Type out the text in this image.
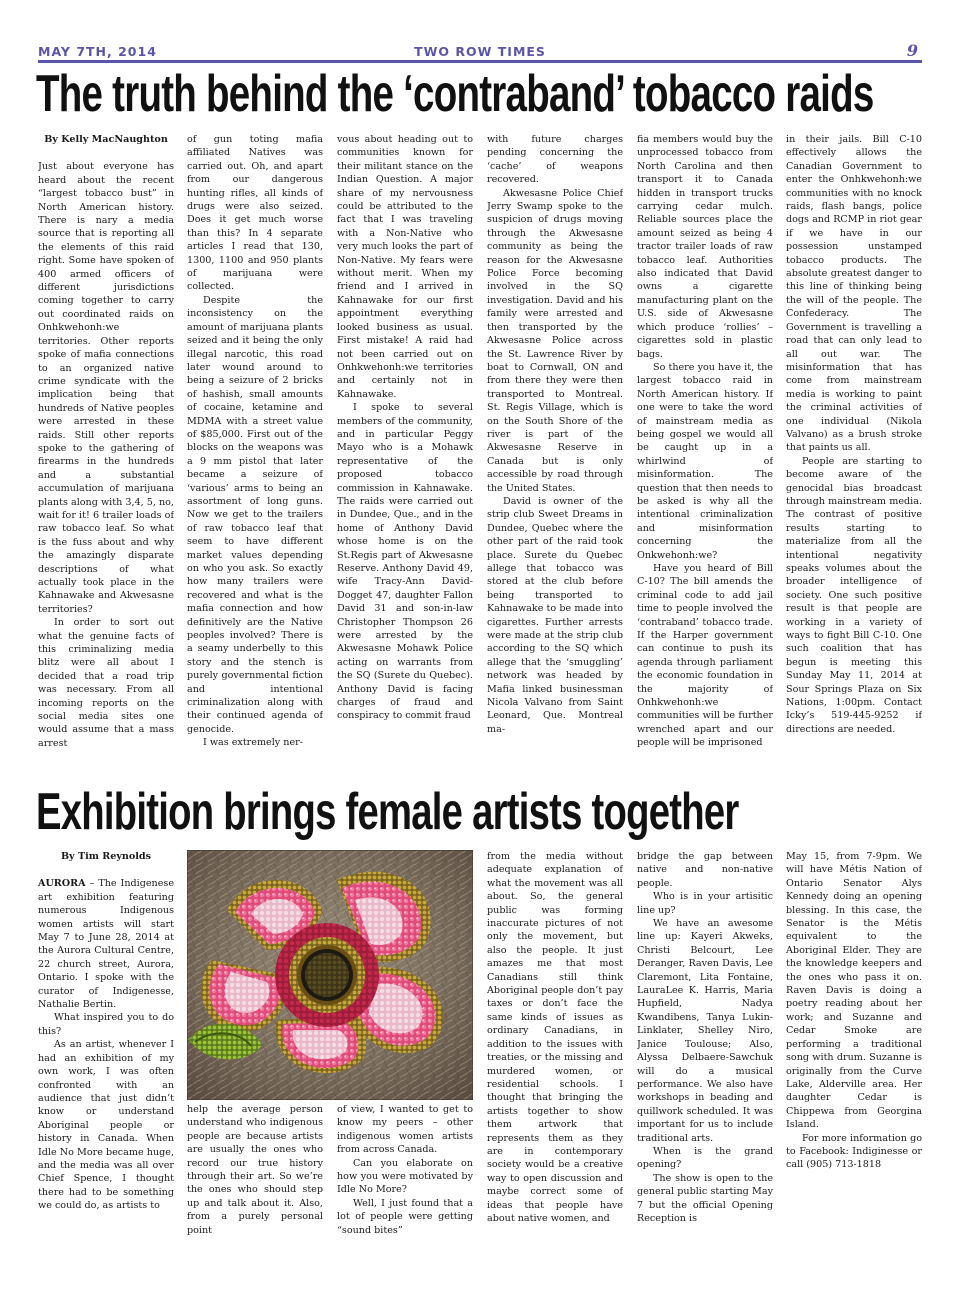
MAY 7TH, 2014	TWO ROW TIMES	9
The truth behind the ‘contraband’ tobacco raids

By Kelly MacNaughton

Just about everyone has heard about the recent “largest tobacco bust” in North American history. There is nary a media source that is reporting all the elements of this raid right. Some have spoken of 400 armed officers of different jurisdictions coming together to carry out coordinated raids on Onhkwehonh:we territories. Other reports spoke of mafia connections to an organized native crime syndicate with the implication being that hundreds of Native peoples were arrested in these raids. Still other reports spoke to the gathering of firearms in the hundreds and a substantial accumulation of marijuana plants along with 3,4, 5, no, wait for it! 6 trailer loads of raw tobacco leaf. So what is the fuss about and why the amazingly disparate descriptions of what actually took place in the Kahnawake and Akwesasne territories?

In order to sort out what the genuine facts of this criminalizing media blitz were all about I decided that a road trip was necessary. From all incoming reports on the social media sites one would assume that a mass arrest

of gun toting mafia affiliated Natives was carried out. Oh, and apart from our dangerous hunting rifles, all kinds of drugs were also seized. Does it get much worse than this? In 4 separate articles I read that 130, 1300, 1100 and 950 plants of marijuana were collected.

Despite the inconsistency on the amount of marijuana plants seized and it being the only illegal narcotic, this road later wound around to being a seizure of 2 bricks of hashish, small amounts of cocaine, ketamine and MDMA with a street value of $85,000. First out of the blocks on the weapons was a 9 mm pistol that later became a seizure of ‘various’ arms to being an assortment of long guns. Now we get to the trailers of raw tobacco leaf that seem to have different market values depending on who you ask. So exactly how many trailers were recovered and what is the mafia connection and how definitively are the Native peoples involved? There is a seamy underbelly to this story and the stench is purely governmental fiction and intentional criminalization along with their continued agenda of genocide.

I was extremely ner-

vous about heading out to communities known for their militant stance on the Indian Question. A major share of my nervousness could be attributed to the fact that I was traveling with a Non-Native who very much looks the part of Non-Native. My fears were without merit. When my friend and I arrived in Kahnawake for our first appointment everything looked business as usual. First mistake! A raid had not been carried out on Onhkwehonh:we territories and certainly not in Kahnawake.

I spoke to several members of the community, and in particular Peggy Mayo who is a Mohawk representative of the proposed tobacco commission in Kahnawake. The raids were carried out in Dundee, Que., and in the home of Anthony David whose home is on the St.Regis part of Akwesasne Reserve. Anthony David 49, wife Tracy-Ann David-Dogget 47, daughter Fallon David 31 and son-in-law Christopher Thompson 26 were arrested by the Akwesasne Mohawk Police acting on warrants from the SQ (Surete du Quebec). Anthony David is facing charges of fraud and conspiracy to commit fraud

with future charges pending concerning the ‘cache’ of weapons recovered.

Akwesasne Police Chief Jerry Swamp spoke to the suspicion of drugs moving through the Akwesasne community as being the reason for the Akwesasne Police Force becoming involved in the SQ investigation. David and his family were arrested and then transported by the Akwesasne Police across the St. Lawrence River by boat to Cornwall, ON and from there they were then transported to Montreal. St. Regis Village, which is on the South Shore of the river is part of the Akwesasne Reserve in Canada but is only accessible by road through the United States.

David is owner of the strip club Sweet Dreams in Dundee, Quebec where the other part of the raid took place. Surete du Quebec allege that tobacco was stored at the club before being transported to Kahnawake to be made into cigarettes. Further arrests were made at the strip club according to the SQ which allege that the ‘smuggling’ network was headed by Mafia linked businessman Nicola Valvano from Saint Leonard, Que. Montreal ma-

fia members would buy the unprocessed tobacco from North Carolina and then transport it to Canada hidden in transport trucks carrying cedar mulch. Reliable sources place the amount seized as being 4 tractor trailer loads of raw tobacco leaf. Authorities also indicated that David owns a cigarette manufacturing plant on the U.S. side of Akwesasne which produce ‘rollies’ – cigarettes sold in plastic bags.

So there you have it, the largest tobacco raid in North American history. If one were to take the word of mainstream media as being gospel we would all be caught up in a whirlwind of misinformation. The question that then needs to be asked is why all the intentional criminalization and misinformation concerning the Onkwehonh:we?

Have you heard of Bill C-10? The bill amends the criminal code to add jail time to people involved the ‘contraband’ tobacco trade. If the Harper government can continue to push its agenda through parliament the economic foundation in the majority of Onhkwehonh:we communities will be further wrenched apart and our people will be imprisoned

in their jails. Bill C-10 effectively allows the Canadian Government to enter the Onhkwehonh:we communities with no knock raids, flash bangs, police dogs and RCMP in riot gear if we have in our possession unstamped tobacco products. The absolute greatest danger to this line of thinking being the will of the people. The Confederacy. The Government is travelling a road that can only lead to all out war. The misinformation that has come from mainstream media is working to paint the criminal activities of one individual (Nikola Valvano) as a brush stroke that paints us all.

People are starting to become aware of the genocidal bias broadcast through mainstream media. The contrast of positive results starting to materialize from all the intentional negativity speaks volumes about the broader intelligence of society. One such positive result is that people are working in a variety of ways to fight Bill C-10. One such coalition that has begun is meeting this Sunday May 11, 2014 at Sour Springs Plaza on Six Nations, 1:00pm. Contact Icky’s 519-445-9252 if directions are needed.

Exhibition brings female artists together

By Tim Reynolds

AURORA – The Indigenese art exhibition featuring numerous Indigenous women artists will start May 7 to June 28, 2014 at the Aurora Cultural Centre, 22 church street, Aurora, Ontario. I spoke with the curator of Indigenesse, Nathalie Bertin.

What inspired you to do this?

As an artist, whenever I had an exhibition of my own work, I was often confronted with an audience that just didn’t know or understand Aboriginal people or history in Canada. When Idle No More became huge, and the media was all over Chief Spence, I thought there had to be something we could do, as artists to

help the average person understand who indigenous people are because artists are usually the ones who record our true history through their art. So we’re the ones who should step up and talk about it. Also, from a purely personal point

of view, I wanted to get to know my peers – other indigenous women artists from across Canada.

Can you elaborate on how you were motivated by Idle No More?

Well, I just found that a lot of people were getting “sound bites”

from the media without adequate explanation of what the movement was all about. So, the general public was forming inaccurate pictures of not only the movement, but also the people. It just amazes me that most Canadians still think Aboriginal people don’t pay taxes or don’t face the same kinds of issues as ordinary Canadians, in addition to the issues with treaties, or the missing and murdered women, or residential schools. I thought that bringing the artists together to show them artwork that represents them as they are in contemporary society would be a creative way to open discussion and maybe correct some of ideas that people have about native women, and

bridge the gap between native and non-native people.

Who is in your artisitic line up?

We have an awesome line up: Kayeri Akweks, Christi Belcourt, Lee Deranger, Raven Davis, Lee Claremont, Lita Fontaine, LauraLee K. Harris, Maria Hupfield, Nadya Kwandibens, Tanya Lukin-Linklater, Shelley Niro, Janice Toulouse; Also, Alyssa Delbaere-Sawchuk will do a musical performance. We also have workshops in beading and quillwork scheduled. It was important for us to include traditional arts.

When is the grand opening?

The show is open to the general public starting May 7 but the official Opening Reception is

May 15, from 7-9pm. We will have Métis Nation of Ontario Senator Alys Kennedy doing an opening blessing. In this case, the Senator is the Métis equivalent to the Aboriginal Elder. They are the knowledge keepers and the ones who pass it on. Raven Davis is doing a poetry reading about her work; and Suzanne and Cedar Smoke are performing a traditional song with drum. Suzanne is originally from the Curve Lake, Alderville area. Her daughter Cedar is Chippewa from Georgina Island.

For more information go to Facebook: Indiginesse or call (905) 713-1818
